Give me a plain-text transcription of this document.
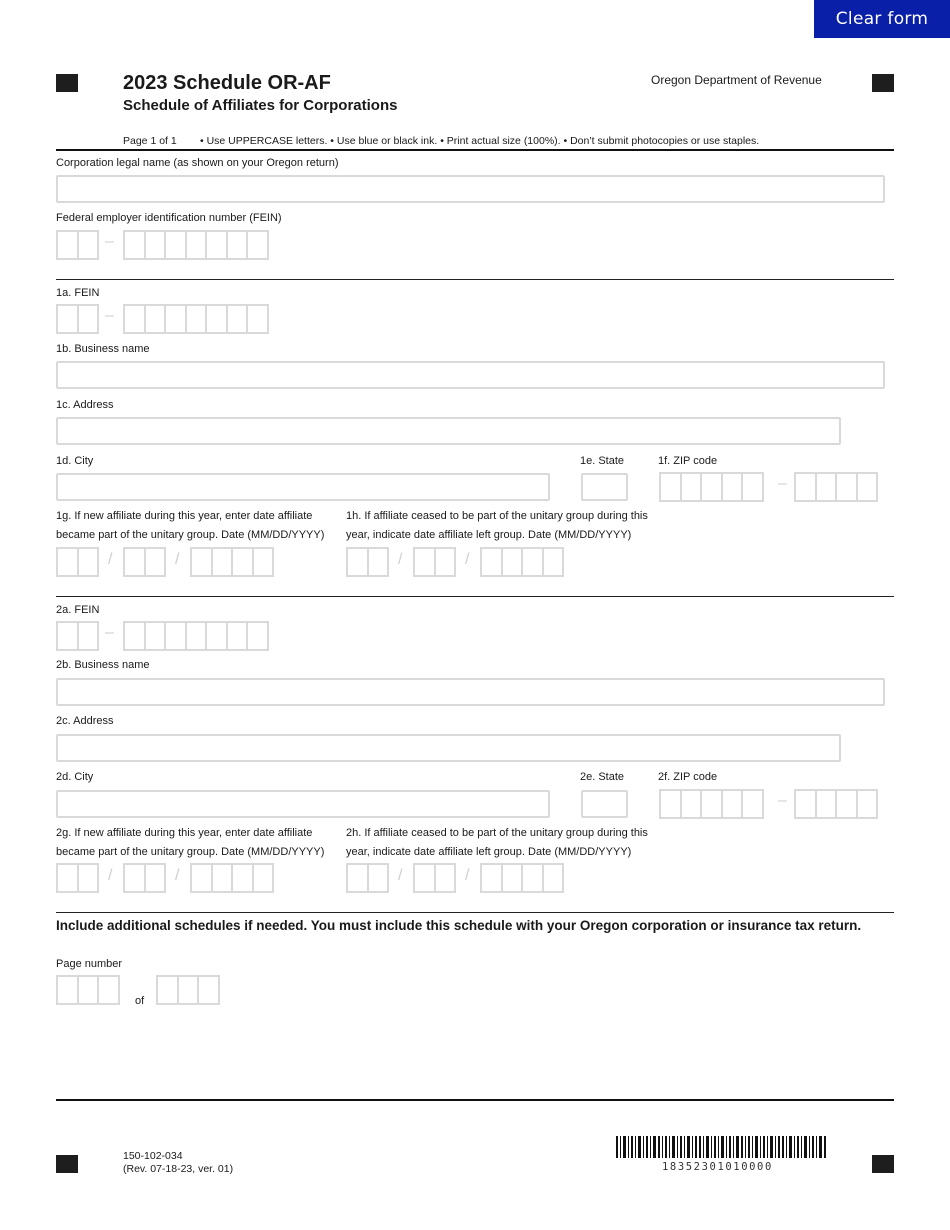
Clear form
2023 Schedule OR-AF
Schedule of Affiliates for Corporations
Oregon Department of Revenue
Page 1 of 1 • Use UPPERCASE letters. • Use blue or black ink. • Print actual size (100%). • Don’t submit photocopies or use staples.
Corporation legal name (as shown on your Oregon return)
Federal employer identification number (FEIN)
–
1a. FEIN
–
1b. Business name
1c. Address
1d. City	1e. State	1f. ZIP code
–
1g. If new affiliate during this year, enter date affiliate
became part of the unitary group. Date (MM/DD/YYYY)
1h. If affiliate ceased to be part of the unitary group during this
year, indicate date affiliate left group. Date (MM/DD/YYYY)
/	/	/	/
2a. FEIN
–
2b. Business name
2c. Address
2d. City	2e. State	2f. ZIP code
–
2g. If new affiliate during this year, enter date affiliate
became part of the unitary group. Date (MM/DD/YYYY)
2h. If affiliate ceased to be part of the unitary group during this
year, indicate date affiliate left group. Date (MM/DD/YYYY)
/	/	/	/
Include additional schedules if needed. You must include this schedule with your Oregon corporation or insurance tax return.
Page number
of
150-102-034
(Rev. 07-18-23, ver. 01)	18352301010000
